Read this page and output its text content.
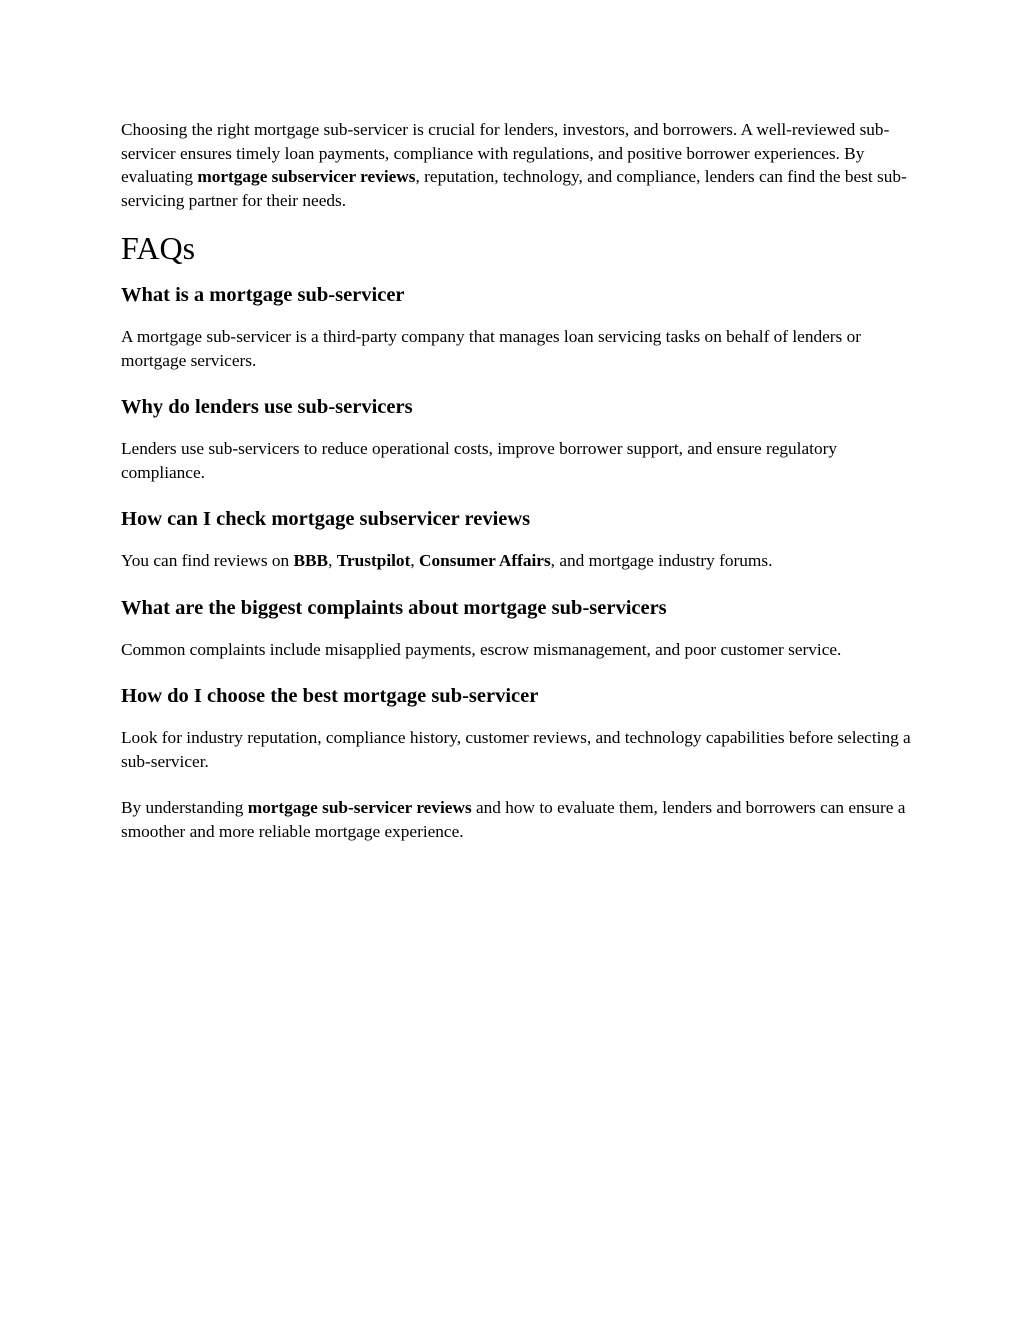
Choosing the right mortgage sub-servicer is crucial for lenders, investors, and borrowers. A well-reviewed sub-servicer ensures timely loan payments, compliance with regulations, and positive borrower experiences. By evaluating mortgage subservicer reviews, reputation, technology, and compliance, lenders can find the best sub-servicing partner for their needs.

FAQs
What is a mortgage sub-servicer

A mortgage sub-servicer is a third-party company that manages loan servicing tasks on behalf of lenders or mortgage servicers.

Why do lenders use sub-servicers

Lenders use sub-servicers to reduce operational costs, improve borrower support, and ensure regulatory compliance.

How can I check mortgage subservicer reviews

You can find reviews on BBB, Trustpilot, Consumer Affairs, and mortgage industry forums.

What are the biggest complaints about mortgage sub-servicers

Common complaints include misapplied payments, escrow mismanagement, and poor customer service.

How do I choose the best mortgage sub-servicer

Look for industry reputation, compliance history, customer reviews, and technology capabilities before selecting a sub-servicer.

By understanding mortgage sub-servicer reviews and how to evaluate them, lenders and borrowers can ensure a smoother and more reliable mortgage experience.
